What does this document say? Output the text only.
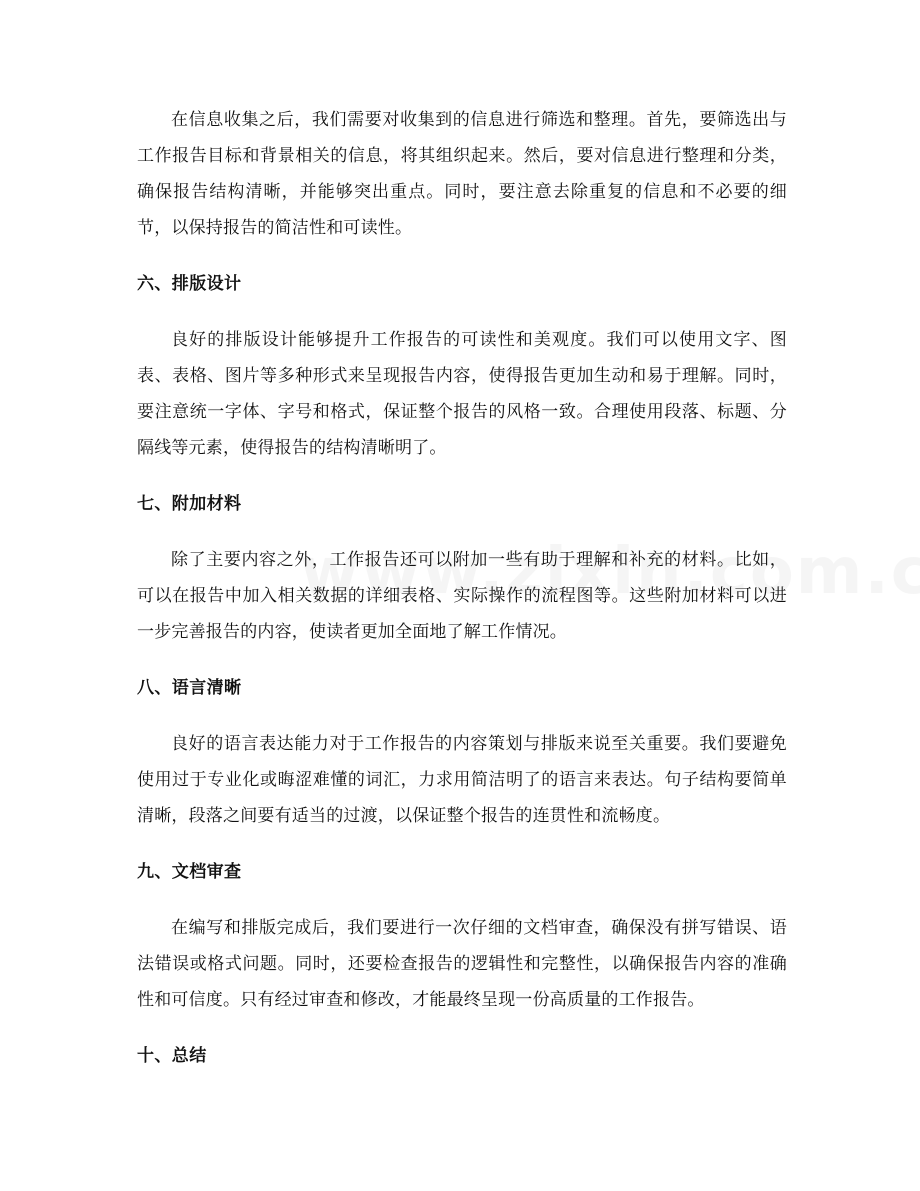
在信息收集之后，我们需要对收集到的信息进行筛选和整理。首先，要筛选出与工作报告目标和背景相关的信息，将其组织起来。然后，要对信息进行整理和分类，确保报告结构清晰，并能够突出重点。同时，要注意去除重复的信息和不必要的细节，以保持报告的简洁性和可读性。

六、排版设计

良好的排版设计能够提升工作报告的可读性和美观度。我们可以使用文字、图表、表格、图片等多种形式来呈现报告内容，使得报告更加生动和易于理解。同时，要注意统一字体、字号和格式，保证整个报告的风格一致。合理使用段落、标题、分隔线等元素，使得报告的结构清晰明了。

七、附加材料

除了主要内容之外，工作报告还可以附加一些有助于理解和补充的材料。比如，可以在报告中加入相关数据的详细表格、实际操作的流程图等。这些附加材料可以进一步完善报告的内容，使读者更加全面地了解工作情况。

八、语言清晰

良好的语言表达能力对于工作报告的内容策划与排版来说至关重要。我们要避免使用过于专业化或晦涩难懂的词汇，力求用简洁明了的语言来表达。句子结构要简单清晰，段落之间要有适当的过渡，以保证整个报告的连贯性和流畅度。

九、文档审查

在编写和排版完成后，我们要进行一次仔细的文档审查，确保没有拼写错误、语法错误或格式问题。同时，还要检查报告的逻辑性和完整性，以确保报告内容的准确性和可信度。只有经过审查和修改，才能最终呈现一份高质量的工作报告。

十、总结
